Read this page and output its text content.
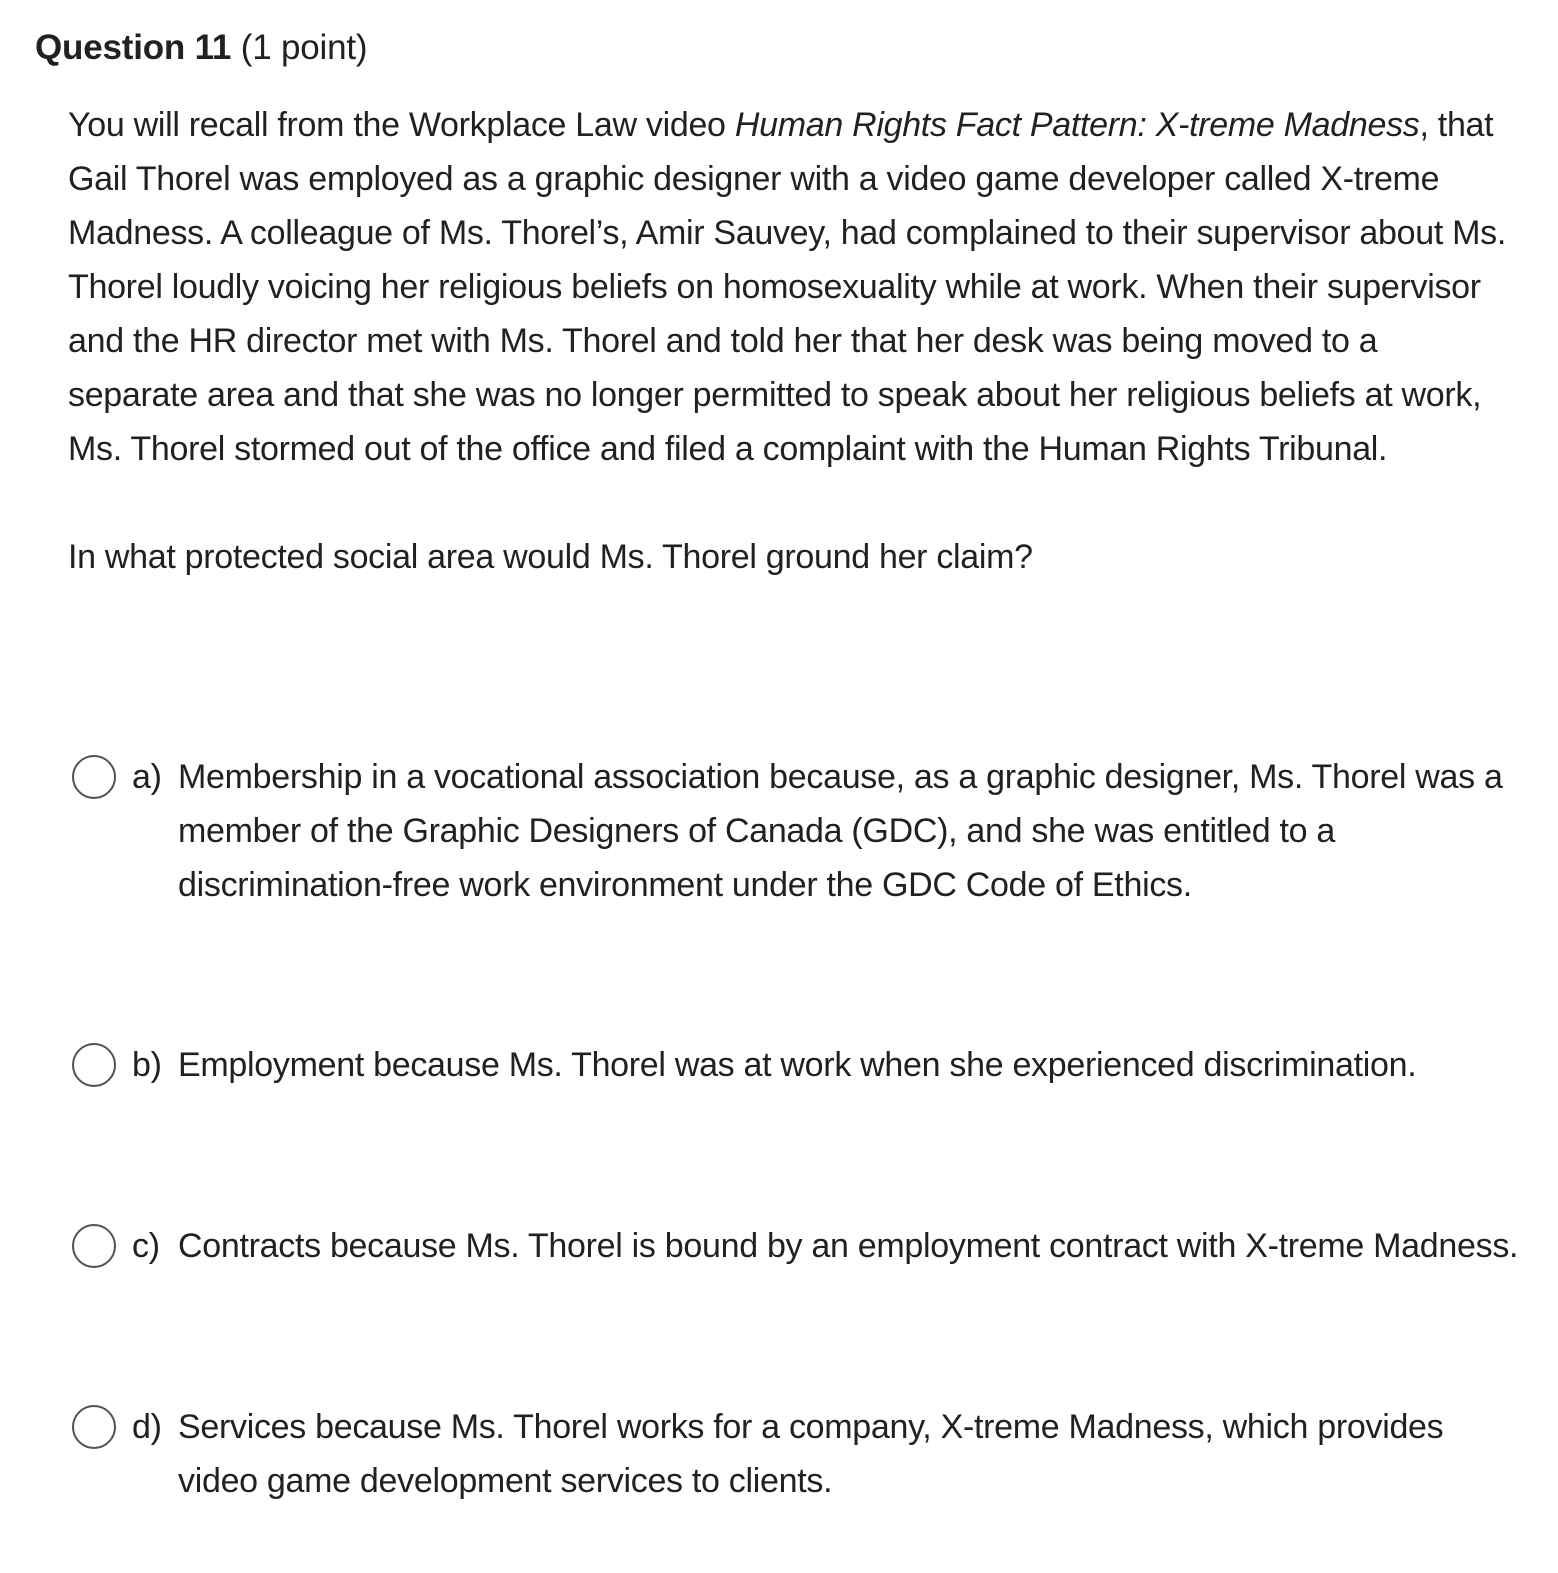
Question 11 (1 point)

You will recall from the Workplace Law video Human Rights Fact Pattern: X-treme Madness, that Gail Thorel was employed as a graphic designer with a video game developer called X-treme Madness. A colleague of Ms. Thorel’s, Amir Sauvey, had complained to their supervisor about Ms. Thorel loudly voicing her religious beliefs on homosexuality while at work. When their supervisor and the HR director met with Ms. Thorel and told her that her desk was being moved to a separate area and that she was no longer permitted to speak about her religious beliefs at work, Ms. Thorel stormed out of the office and filed a complaint with the Human Rights Tribunal.

In what protected social area would Ms. Thorel ground her claim?

a) Membership in a vocational association because, as a graphic designer, Ms. Thorel was a member of the Graphic Designers of Canada (GDC), and she was entitled to a discrimination-free work environment under the GDC Code of Ethics.
b) Employment because Ms. Thorel was at work when she experienced discrimination.
c) Contracts because Ms. Thorel is bound by an employment contract with X-treme Madness.
d) Services because Ms. Thorel works for a company, X-treme Madness, which provides video game development services to clients.
